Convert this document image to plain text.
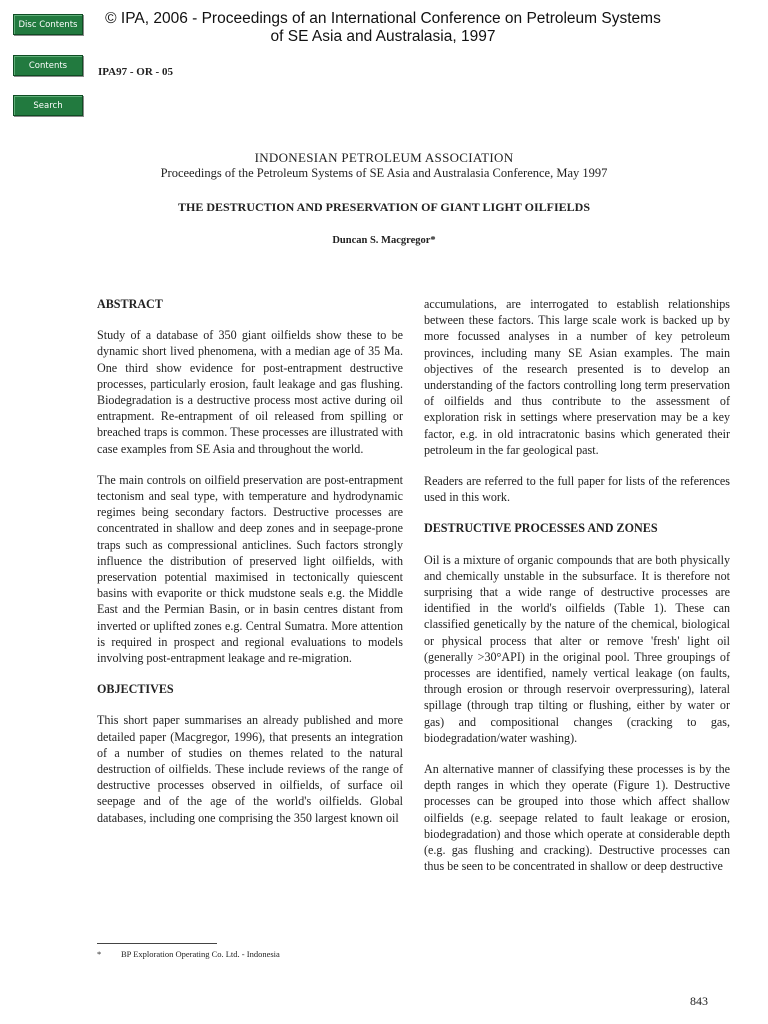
Disc Contents
Contents
Search
© IPA, 2006 - Proceedings of an International Conference on Petroleum Systems of SE Asia and Australasia, 1997
IPA97 - OR - 05
INDONESIAN PETROLEUM ASSOCIATION
Proceedings of the Petroleum Systems of SE Asia and Australasia Conference, May 1997
THE DESTRUCTION AND PRESERVATION OF GIANT LIGHT OILFIELDS
Duncan S. Macgregor*
ABSTRACT

Study of a database of 350 giant oilfields show these to be dynamic short lived phenomena, with a median age of 35 Ma. One third show evidence for post-entrapment destructive processes, particularly erosion, fault leakage and gas flushing. Biodegradation is a destructive process most active during oil entrapment. Re-entrapment of oil released from spilling or breached traps is common. These processes are illustrated with case examples from SE Asia and throughout the world.

The main controls on oilfield preservation are post-entrapment tectonism and seal type, with temperature and hydrodynamic regimes being secondary factors. Destructive processes are concentrated in shallow and deep zones and in seepage-prone traps such as compressional anticlines. Such factors strongly influence the distribution of preserved light oilfields, with preservation potential maximised in tectonically quiescent basins with evaporite or thick mudstone seals e.g. the Middle East and the Permian Basin, or in basin centres distant from inverted or uplifted zones e.g. Central Sumatra. More attention is required in prospect and regional evaluations to models involving post-entrapment leakage and re-migration.

OBJECTIVES

This short paper summarises an already published and more detailed paper (Macgregor, 1996), that presents an integration of a number of studies on themes related to the natural destruction of oilfields. These include reviews of the range of destructive processes observed in oilfields, of surface oil seepage and of the age of the world's oilfields. Global databases, including one comprising the 350 largest known oil

accumulations, are interrogated to establish relationships between these factors. This large scale work is backed up by more focussed analyses in a number of key petroleum provinces, including many SE Asian examples. The main objectives of the research presented is to develop an understanding of the factors controlling long term preservation of oilfields and thus contribute to the assessment of exploration risk in settings where preservation may be a key factor, e.g. in old intracratonic basins which generated their petroleum in the far geological past.

Readers are referred to the full paper for lists of the references used in this work.

DESTRUCTIVE PROCESSES AND ZONES

Oil is a mixture of organic compounds that are both physically and chemically unstable in the subsurface. It is therefore not surprising that a wide range of destructive processes are identified in the world's oilfields (Table 1). These can classified genetically by the nature of the chemical, biological or physical process that alter or remove 'fresh' light oil (generally >30°API) in the original pool. Three groupings of processes are identified, namely vertical leakage (on faults, through erosion or through reservoir overpressuring), lateral spillage (through trap tilting or flushing, either by water or gas) and compositional changes (cracking to gas, biodegradation/water washing).

An alternative manner of classifying these processes is by the depth ranges in which they operate (Figure 1). Destructive processes can be grouped into those which affect shallow oilfields (e.g. seepage related to fault leakage or erosion, biodegradation) and those which operate at considerable depth (e.g. gas flushing and cracking). Destructive processes can thus be seen to be concentrated in shallow or deep destructive

* BP Exploration Operating Co. Ltd. - Indonesia
843
